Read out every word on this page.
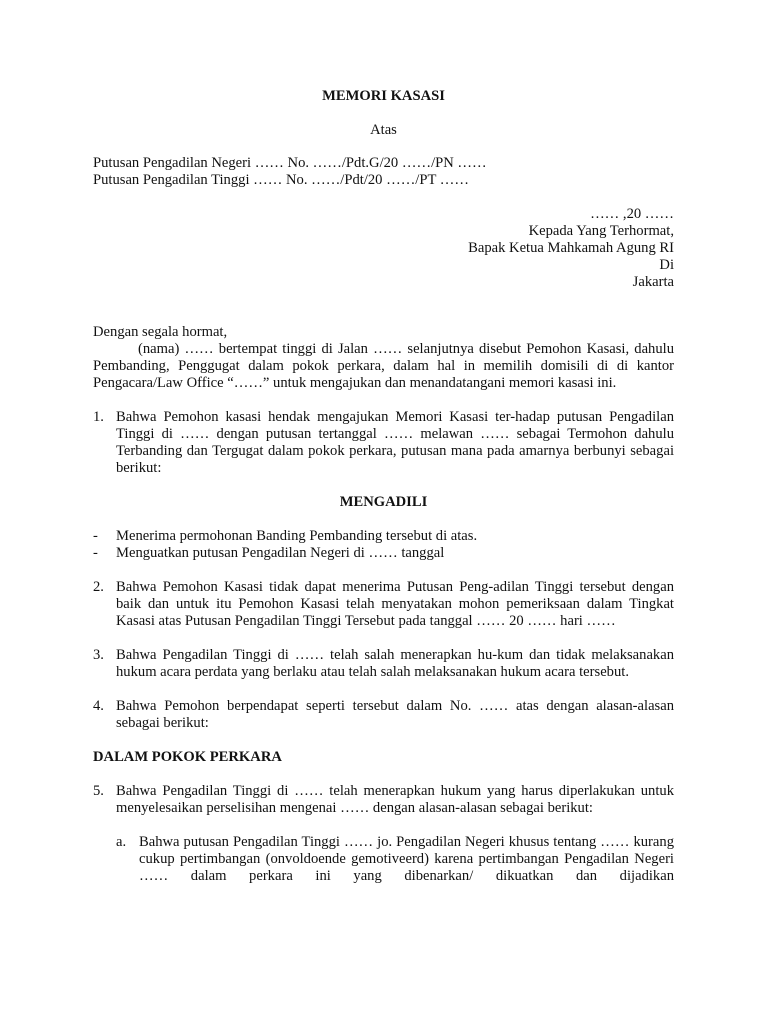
MEMORI KASASI
Atas
Putusan Pengadilan Negeri …… No. ……/Pdt.G/20 ……/PN ……
Putusan Pengadilan Tinggi …… No. ……/Pdt/20 ……/PT ……
…… ,20 ……
Kepada Yang Terhormat,
Bapak Ketua Mahkamah Agung RI
Di
Jakarta
Dengan segala hormat,
(nama) …… bertempat tinggi di Jalan …… selanjutnya disebut Pemohon Kasasi, dahulu Pembanding, Penggugat dalam pokok perkara, dalam hal in memilih domisili di di kantor Pengacara/Law Office “……” untuk mengajukan dan menandatangani memori kasasi ini.
1. Bahwa Pemohon kasasi hendak mengajukan Memori Kasasi ter-hadap putusan Pengadilan Tinggi di …… dengan putusan tertanggal …… melawan …… sebagai Termohon dahulu Terbanding dan Tergugat dalam pokok perkara, putusan mana pada amarnya berbunyi sebagai berikut:
MENGADILI
- Menerima permohonan Banding Pembanding tersebut di atas.
- Menguatkan putusan Pengadilan Negeri di …… tanggal
2. Bahwa Pemohon Kasasi tidak dapat menerima Putusan Peng-adilan Tinggi tersebut dengan baik dan untuk itu Pemohon Kasasi telah menyatakan mohon pemeriksaan dalam Tingkat Kasasi atas Putusan Pengadilan Tinggi Tersebut pada tanggal …… 20 …… hari ……
3. Bahwa Pengadilan Tinggi di …… telah salah menerapkan hu-kum dan tidak melaksanakan hukum acara perdata yang berlaku atau telah salah melaksanakan hukum acara tersebut.
4. Bahwa Pemohon berpendapat seperti tersebut dalam No. …… atas dengan alasan-alasan sebagai berikut:
DALAM POKOK PERKARA
5. Bahwa Pengadilan Tinggi di …… telah menerapkan hukum yang harus diperlakukan untuk menyelesaikan perselisihan mengenai …… dengan alasan-alasan sebagai berikut:
a. Bahwa putusan Pengadilan Tinggi …… jo. Pengadilan Negeri khusus tentang …… kurang cukup pertimbangan (onvoldoende gemotiveerd) karena pertimbangan Pengadilan Negeri …… dalam perkara ini yang dibenarkan/ dikuatkan dan dijadikan
